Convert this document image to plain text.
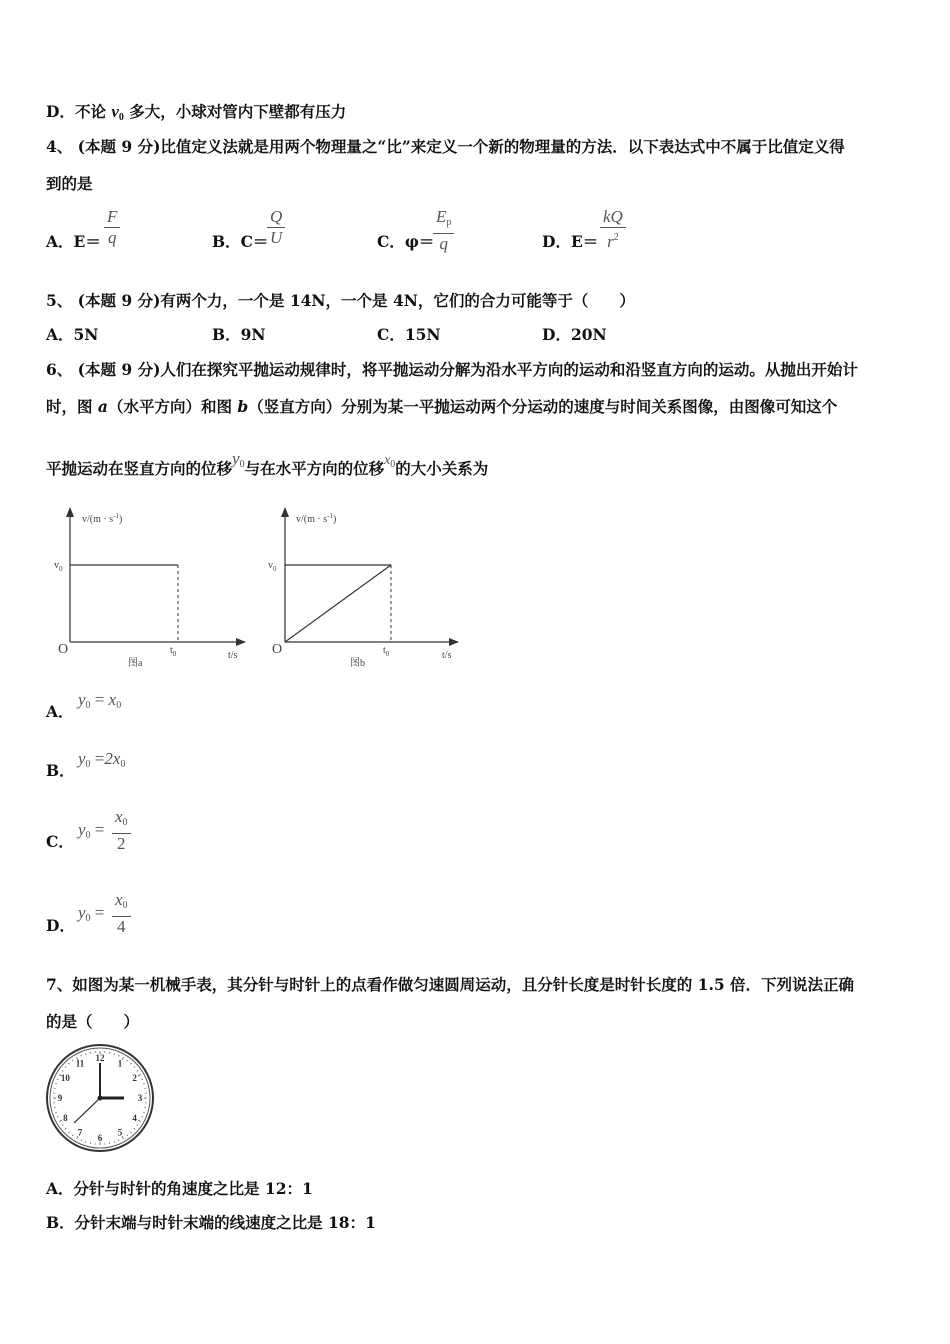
D．不论 $v_0$ 多大，小球对管内下壁都有压力
4、 (本题 9 分)比值定义法就是用两个物理量之“比”来定义一个新的物理量的方法．以下表达式中不属于比值定义得
到的是
A．$E= \frac{F}{q}$	B．C＝
$\frac{Q}{U}$	C．φ＝
$\frac{E_p}{q}$	D．$E= \frac{kQ}{r^2}$
5、 (本题 9 分)有两个力，一个是 14N，一个是 4N，它们的合力可能等于（　　）
A．5N	B．9N	C．15N	D．20N
6、 (本题 9 分)人们在探究平抛运动规律时，将平抛运动分解为沿水平方向的运动和沿竖直方向的运动。从抛出开始计
时，图 a（水平方向）和图 b（竖直方向）分别为某一平抛运动两个分运动的速度与时间关系图像，由图像可知这个
平抛运动在竖直方向的位移$y_0$与在水平方向的位移$x_0$的大小关系为
$v/(m \cdot s^{-1})$
$v_0$
O	$t_0$	t/s
图a
$v/(m \cdot s^{-1})$
$v_0$
O	$t_0$	t/s
图b
A．
$y_0 = x_0$
B．
$y_0 =2x_0$
C．
$y_0 = \frac{x_0}{2}$
D．
$y_0 = \frac{x_0}{4}$
7、如图为某一机械手表，其分针与时针上的点看作做匀速圆周运动，且分针长度是时针长度的 1.5 倍．下列说法正确
的是（　　）
12
1
2
3
4
5
6
7
8
9
10
11
A．分针与时针的角速度之比是 12：1
B．分针末端与时针末端的线速度之比是 18：1
